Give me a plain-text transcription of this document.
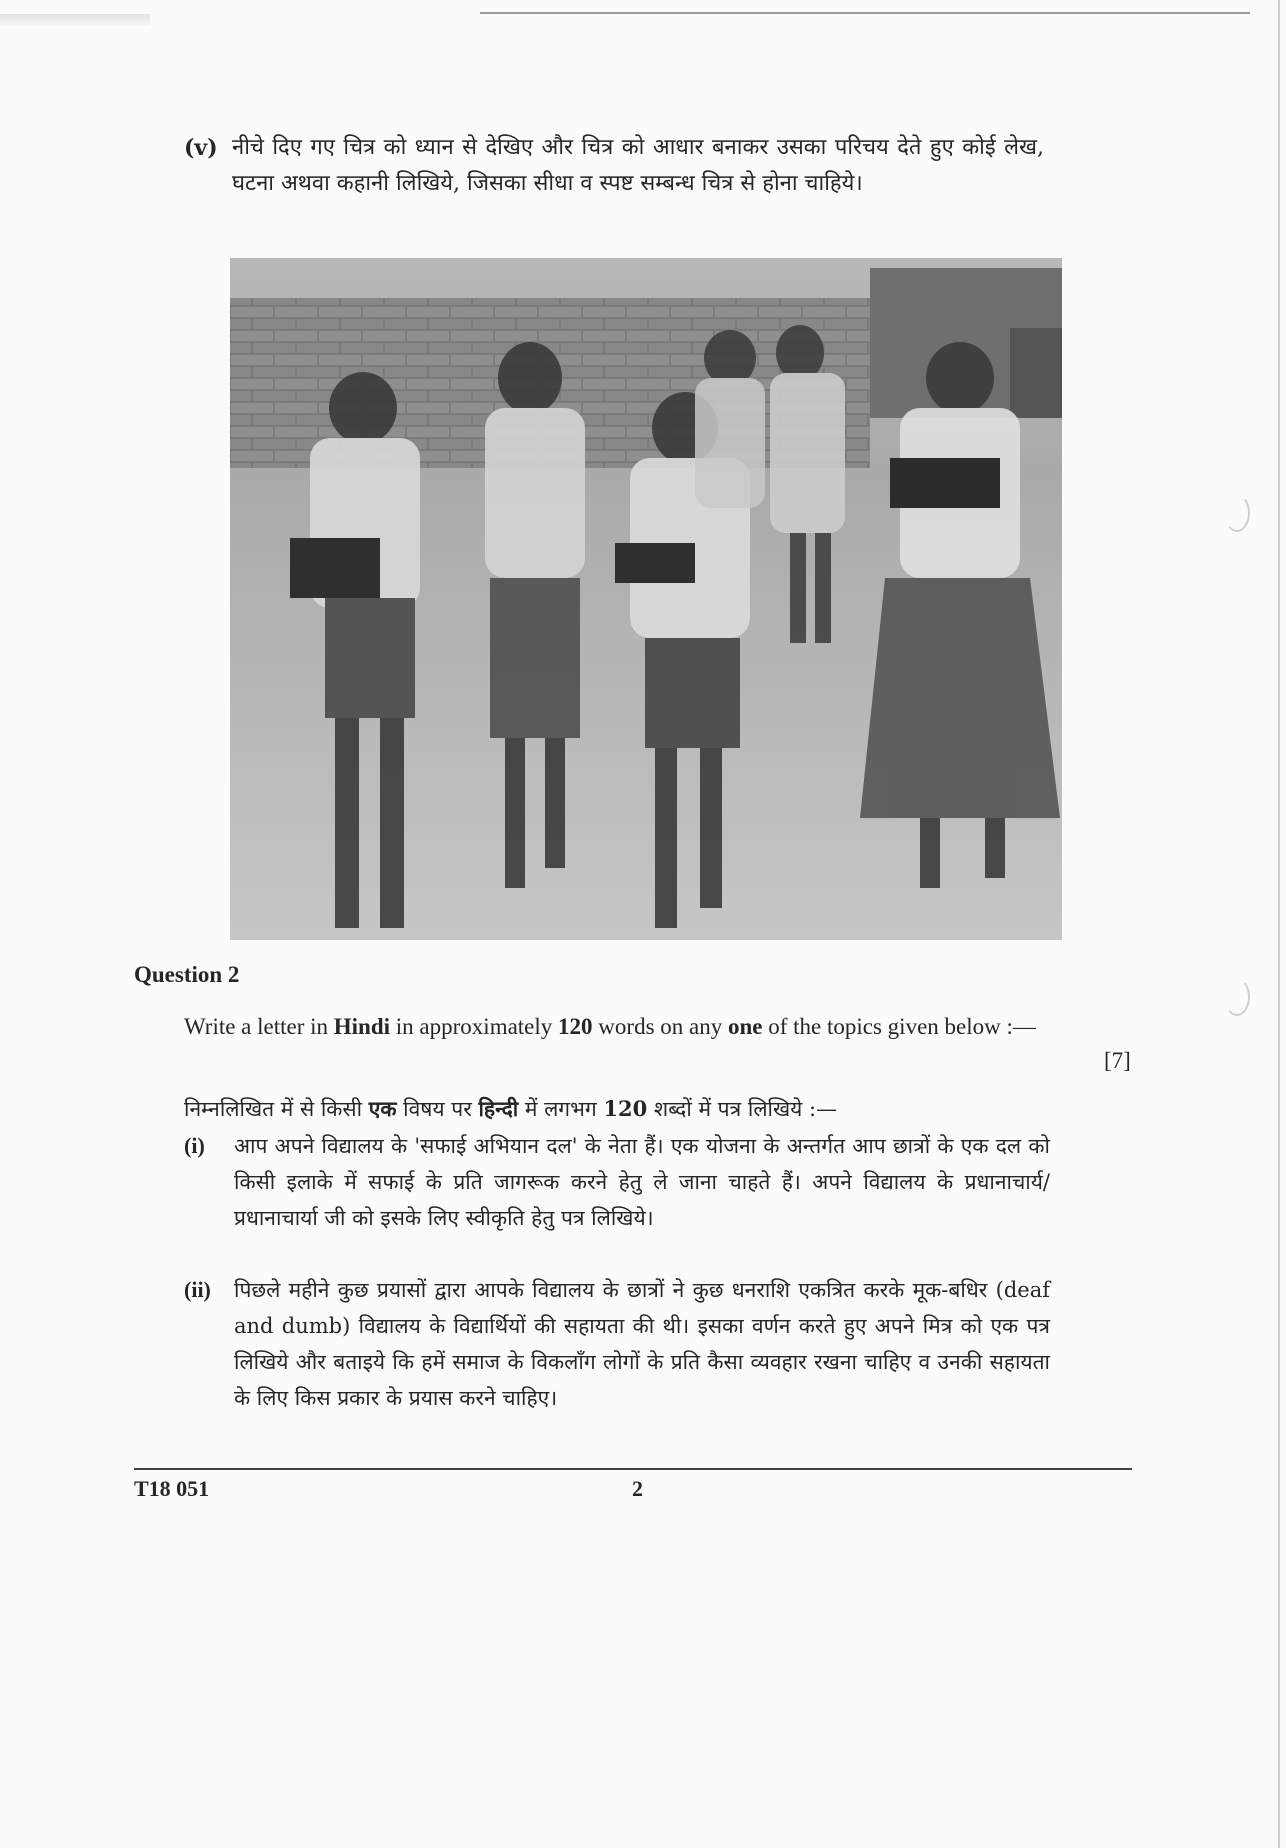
(v) नीचे दिए गए चित्र को ध्यान से देखिए और चित्र को आधार बनाकर उसका परिचय देते हुए कोई लेख, घटना अथवा कहानी लिखिये, जिसका सीधा व स्पष्ट सम्बन्ध चित्र से होना चाहिये।
Question 2
Write a letter in Hindi in approximately 120 words on any one of the topics given below :—
[7]
निम्नलिखित में से किसी एक विषय पर हिन्दी में लगभग 120 शब्दों में पत्र लिखिये :—
(i) आप अपने विद्यालय के 'सफाई अभियान दल' के नेता हैं। एक योजना के अन्तर्गत आप छात्रों के एक दल को किसी इलाके में सफाई के प्रति जागरूक करने हेतु ले जाना चाहते हैं। अपने विद्यालय के प्रधानाचार्य/प्रधानाचार्या जी को इसके लिए स्वीकृति हेतु पत्र लिखिये।
(ii) पिछले महीने कुछ प्रयासों द्वारा आपके विद्यालय के छात्रों ने कुछ धनराशि एकत्रित करके मूक-बधिर (deaf and dumb) विद्यालय के विद्यार्थियों की सहायता की थी। इसका वर्णन करते हुए अपने मित्र को एक पत्र लिखिये और बताइये कि हमें समाज के विकलाँग लोगों के प्रति कैसा व्यवहार रखना चाहिए व उनकी सहायता के लिए किस प्रकार के प्रयास करने चाहिए।
T18 051	2
